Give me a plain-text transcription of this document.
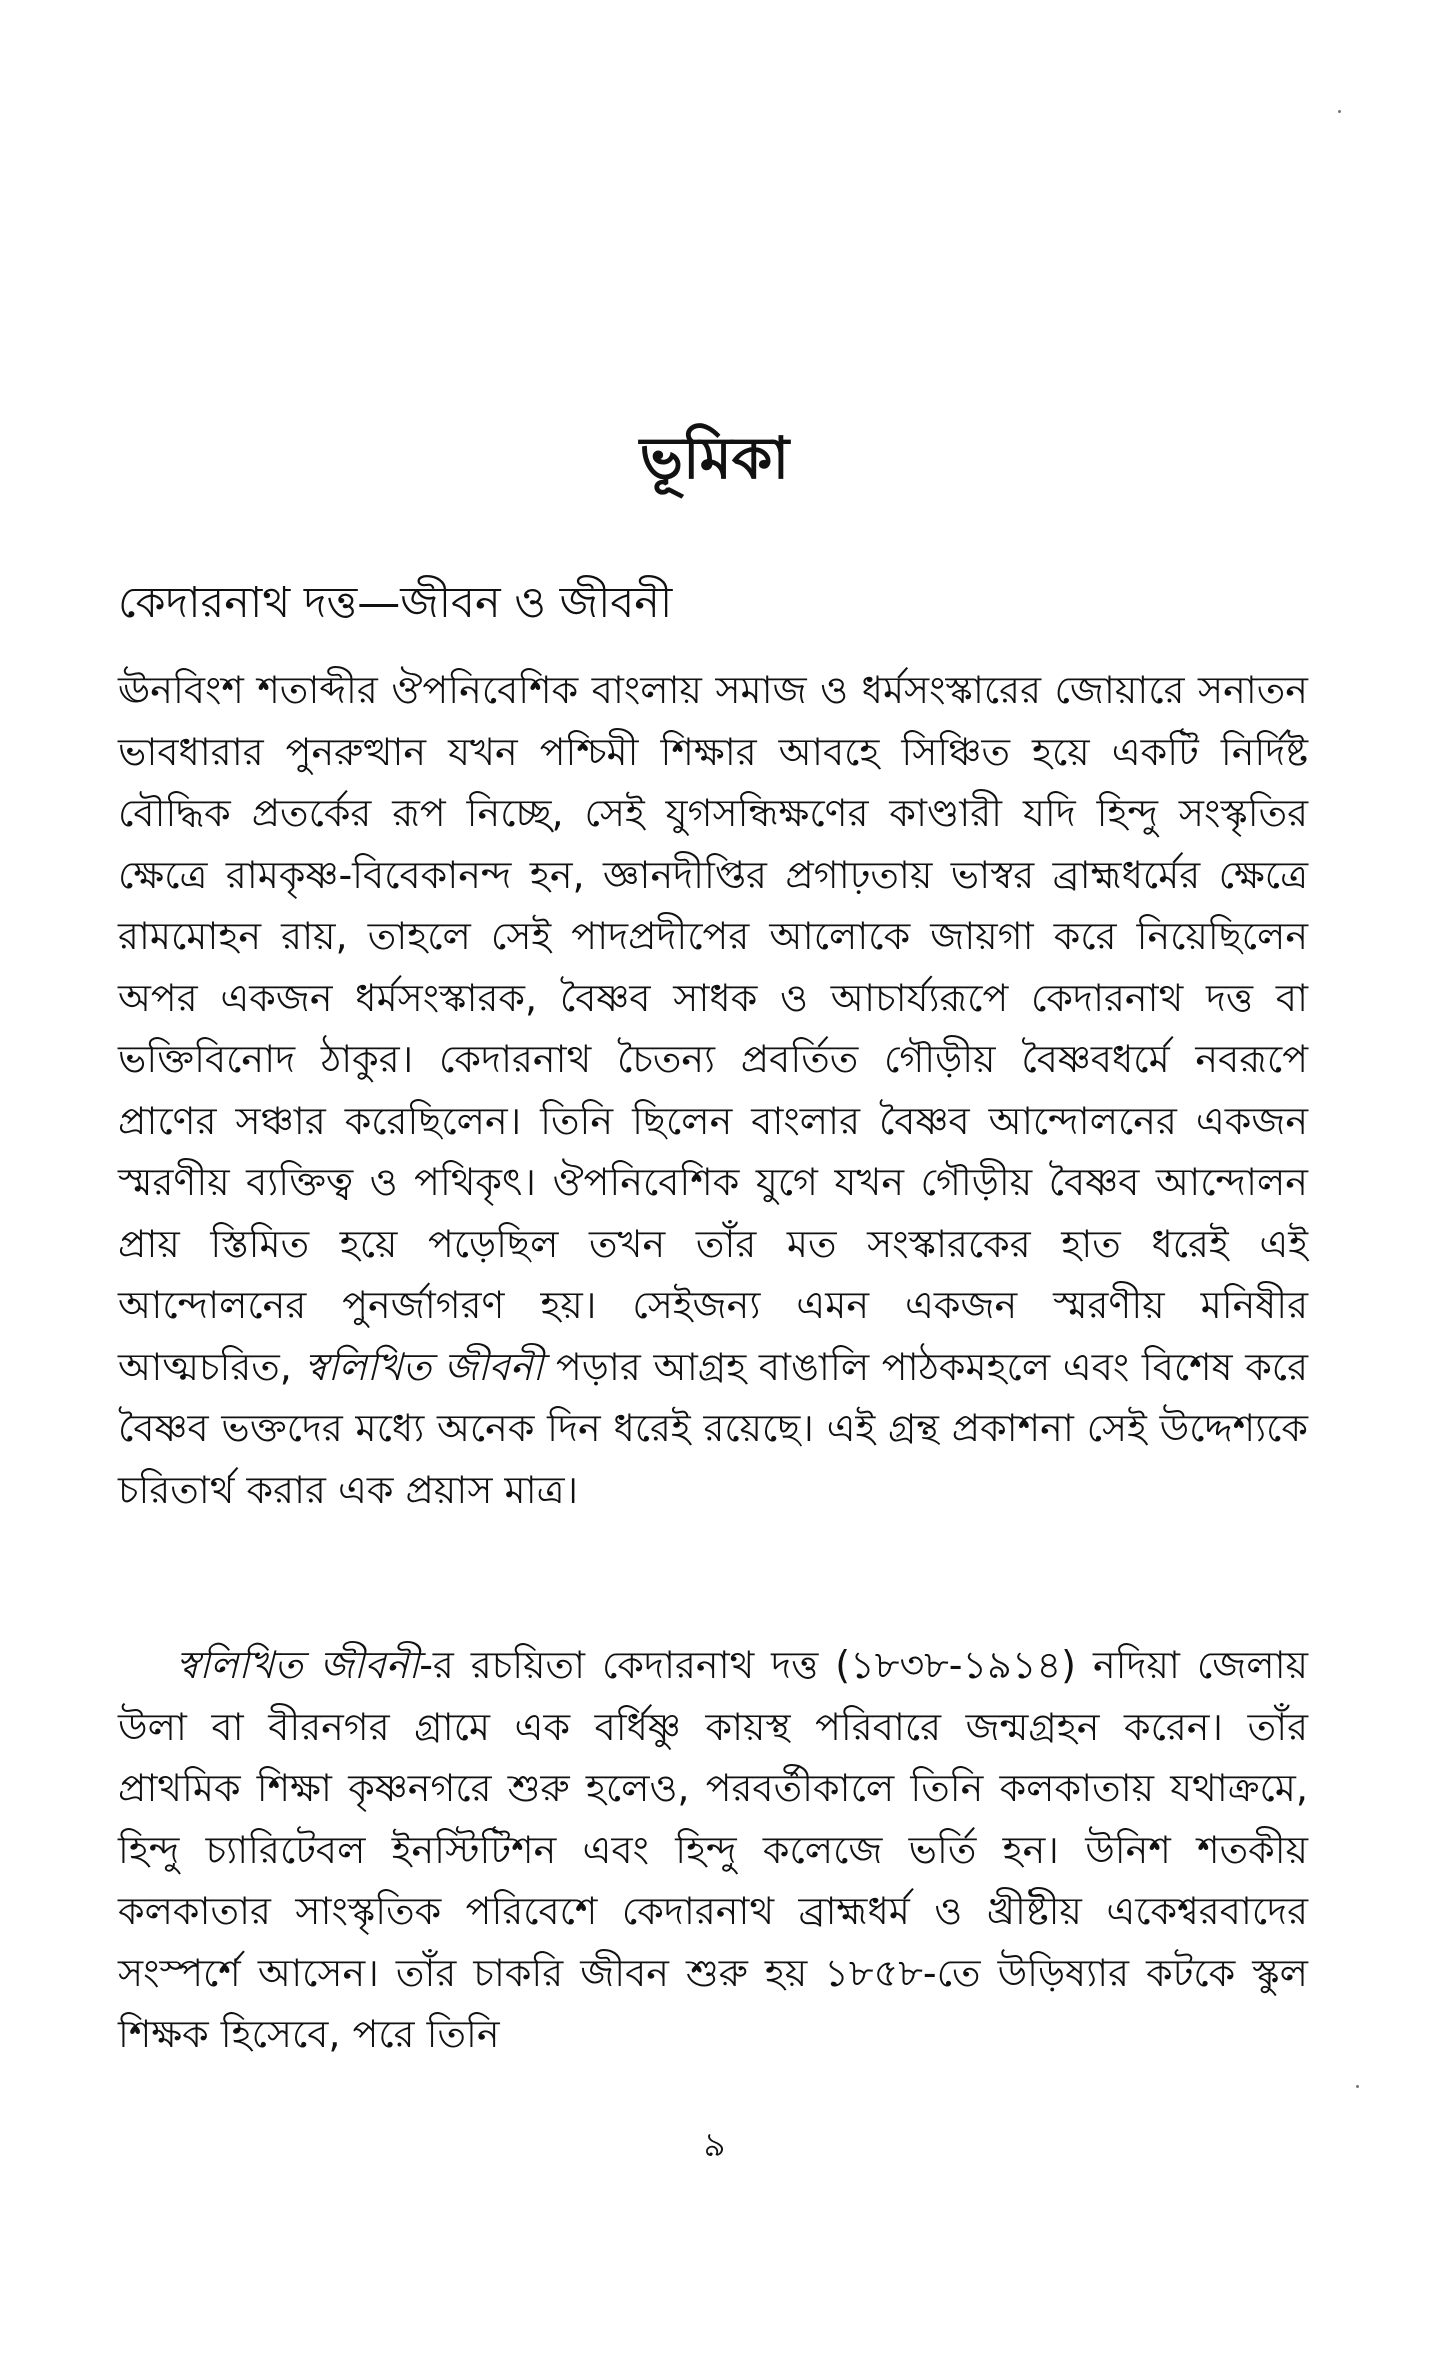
ভূমিকা
কেদারনাথ দত্ত—জীবন ও জীবনী

ঊনবিংশ শতাব্দীর ঔপনিবেশিক বাংলায় সমাজ ও ধর্মসংস্কারের জোয়ারে সনাতন ভাবধারার পুনরুত্থান যখন পশ্চিমী শিক্ষার আবহে সিঞ্চিত হয়ে একটি নির্দিষ্ট বৌদ্ধিক প্রতর্কের রূপ নিচ্ছে, সেই যুগসন্ধিক্ষণের কাণ্ডারী যদি হিন্দু সংস্কৃতির ক্ষেত্রে রামকৃষ্ণ-বিবেকানন্দ হন, জ্ঞানদীপ্তির প্রগাঢ়তায় ভাস্বর ব্রাহ্মধর্মের ক্ষেত্রে রামমোহন রায়, তাহলে সেই পাদপ্রদীপের আলোকে জায়গা করে নিয়েছিলেন অপর একজন ধর্মসংস্কারক, বৈষ্ণব সাধক ও আচার্য্যরূপে কেদারনাথ দত্ত বা ভক্তিবিনোদ ঠাকুর। কেদারনাথ চৈতন্য প্রবর্তিত গৌড়ীয় বৈষ্ণবধর্মে নবরূপে প্রাণের সঞ্চার করেছিলেন। তিনি ছিলেন বাংলার বৈষ্ণব আন্দোলনের একজন স্মরণীয় ব্যক্তিত্ব ও পথিকৃৎ। ঔপনিবেশিক যুগে যখন গৌড়ীয় বৈষ্ণব আন্দোলন প্রায় স্তিমিত হয়ে পড়েছিল তখন তাঁর মত সংস্কারকের হাত ধরেই এই আন্দোলনের পুনর্জাগরণ হয়। সেইজন্য এমন একজন স্মরণীয় মনিষীর আত্মচরিত, স্বলিখিত জীবনী পড়ার আগ্রহ বাঙালি পাঠকমহলে এবং বিশেষ করে বৈষ্ণব ভক্তদের মধ্যে অনেক দিন ধরেই রয়েছে। এই গ্রন্থ প্রকাশনা সেই উদ্দেশ্যকে চরিতার্থ করার এক প্রয়াস মাত্র।

স্বলিখিত জীবনী-র রচয়িতা কেদারনাথ দত্ত (১৮৩৮-১৯১৪) নদিয়া জেলায় উলা বা বীরনগর গ্রামে এক বর্ধিষ্ণু কায়স্থ পরিবারে জন্মগ্রহন করেন। তাঁর প্রাথমিক শিক্ষা কৃষ্ণনগরে শুরু হলেও, পরবর্তীকালে তিনি কলকাতায় যথাক্রমে, হিন্দু চ্যারিটেবল ইনস্টিটিশন এবং হিন্দু কলেজে ভর্তি হন। উনিশ শতকীয় কলকাতার সাংস্কৃতিক পরিবেশে কেদারনাথ ব্রাহ্মধর্ম ও খ্রীষ্টীয় একেশ্বরবাদের সংস্পর্শে আসেন। তাঁর চাকরি জীবন শুরু হয় ১৮৫৮-তে উড়িষ্যার কটকে স্কুল শিক্ষক হিসেবে, পরে তিনি

৯
